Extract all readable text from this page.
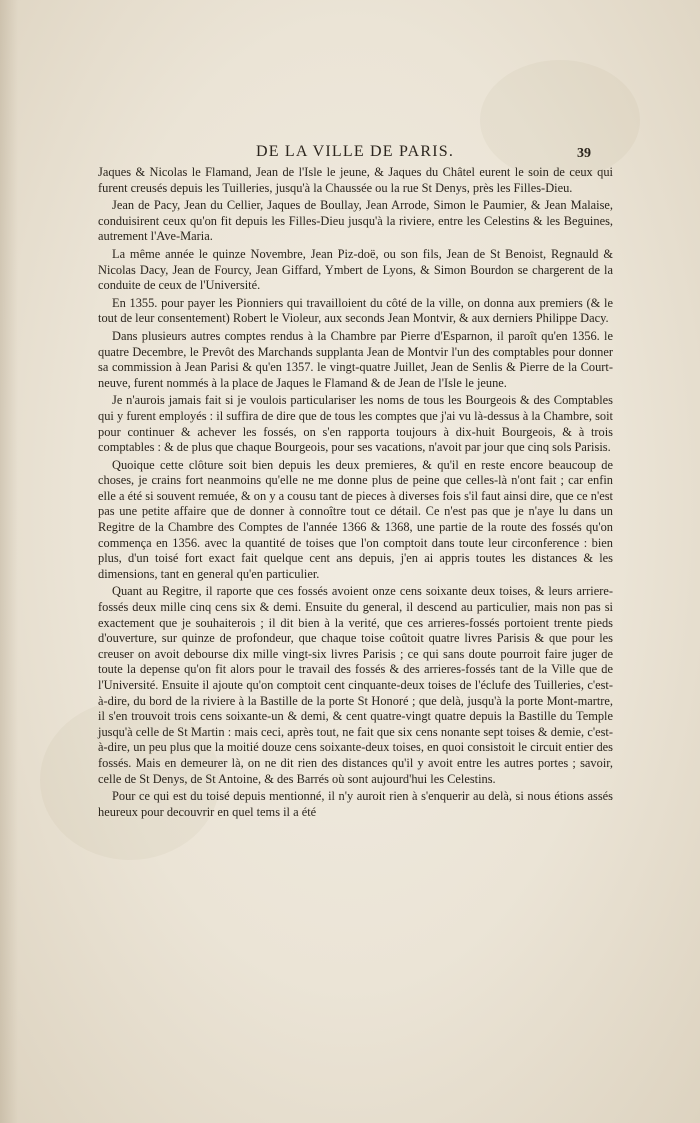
DE LA VILLE DE PARIS.	39

Jaques & Nicolas le Flamand, Jean de l'Isle le jeune, & Jaques du Châtel eurent le soin de ceux qui furent creusés depuis les Tuilleries, jusqu'à la Chaussée ou la rue St Denys, près les Filles-Dieu.

Jean de Pacy, Jean du Cellier, Jaques de Boullay, Jean Arrode, Simon le Paumier, & Jean Malaise, conduisirent ceux qu'on fit depuis les Filles-Dieu jusqu'à la riviere, entre les Celestins & les Beguines, autrement l'Ave-Maria.

La même année le quinze Novembre, Jean Piz-doë, ou son fils, Jean de St Benoist, Regnauld & Nicolas Dacy, Jean de Fourcy, Jean Giffard, Ymbert de Lyons, & Simon Bourdon se chargerent de la conduite de ceux de l'Université.

En 1355. pour payer les Pionniers qui travailloient du côté de la ville, on donna aux premiers (& le tout de leur consentement) Robert le Violeur, aux seconds Jean Montvir, & aux derniers Philippe Dacy.

Dans plusieurs autres comptes rendus à la Chambre par Pierre d'Esparnon, il paroît qu'en 1356. le quatre Decembre, le Prevôt des Marchands supplanta Jean de Montvir l'un des comptables pour donner sa commission à Jean Parisi & qu'en 1357. le vingt-quatre Juillet, Jean de Senlis & Pierre de la Court-neuve, furent nommés à la place de Jaques le Flamand & de Jean de l'Isle le jeune.

Je n'aurois jamais fait si je voulois particulariser les noms de tous les Bourgeois & des Comptables qui y furent employés : il suffira de dire que de tous les comptes que j'ai vu là-dessus à la Chambre, soit pour continuer & achever les fossés, on s'en rapporta toujours à dix-huit Bourgeois, & à trois comptables : & de plus que chaque Bourgeois, pour ses vacations, n'avoit par jour que cinq sols Parisis.

Quoique cette clôture soit bien depuis les deux premieres, & qu'il en reste encore beaucoup de choses, je crains fort neanmoins qu'elle ne me donne plus de peine que celles-là n'ont fait ; car enfin elle a été si souvent remuée, & on y a cousu tant de pieces à diverses fois s'il faut ainsi dire, que ce n'est pas une petite affaire que de donner à connoître tout ce détail. Ce n'est pas que je n'aye lu dans un Regitre de la Chambre des Comptes de l'année 1366 & 1368, une partie de la route des fossés qu'on commença en 1356. avec la quantité de toises que l'on comptoit dans toute leur circonference : bien plus, d'un toisé fort exact fait quelque cent ans depuis, j'en ai appris toutes les distances & les dimensions, tant en general qu'en particulier.

Quant au Regitre, il raporte que ces fossés avoient onze cens soixante deux toises, & leurs arriere-fossés deux mille cinq cens six & demi. Ensuite du general, il descend au particulier, mais non pas si exactement que je souhaiterois ; il dit bien à la verité, que ces arrieres-fossés portoient trente pieds d'ouverture, sur quinze de profondeur, que chaque toise coûtoit quatre livres Parisis & que pour les creuser on avoit debourse dix mille vingt-six livres Parisis ; ce qui sans doute pourroit faire juger de toute la depense qu'on fit alors pour le travail des fossés & des arrieres-fossés tant de la Ville que de l'Université. Ensuite il ajoute qu'on comptoit cent cinquante-deux toises de l'éclufe des Tuilleries, c'est-à-dire, du bord de la riviere à la Bastille de la porte St Honoré ; que delà, jusqu'à la porte Mont-martre, il s'en trouvoit trois cens soixante-un & demi, & cent quatre-vingt quatre depuis la Bastille du Temple jusqu'à celle de St Martin : mais ceci, après tout, ne fait que six cens nonante sept toises & demie, c'est-à-dire, un peu plus que la moitié douze cens soixante-deux toises, en quoi consistoit le circuit entier des fossés. Mais en demeurer là, on ne dit rien des distances qu'il y avoit entre les autres portes ; savoir, celle de St Denys, de St Antoine, & des Barrés où sont aujourd'hui les Celestins.

Pour ce qui est du toisé depuis mentionné, il n'y auroit rien à s'enquerir au delà, si nous étions assés heureux pour decouvrir en quel tems il a été
